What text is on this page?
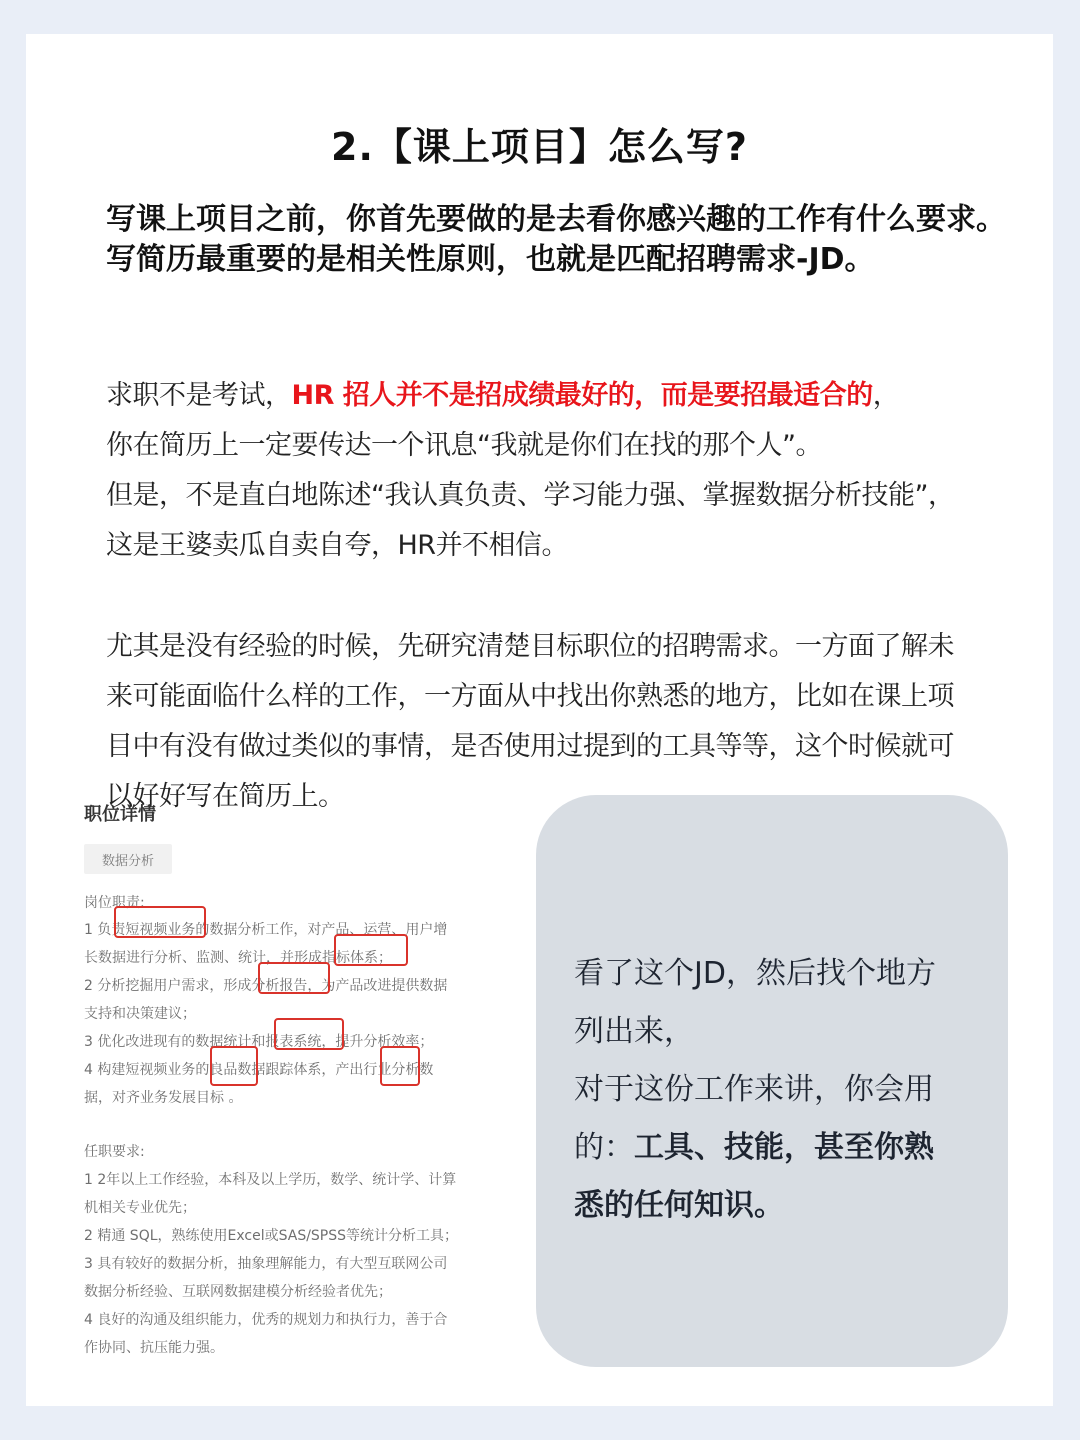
2.【课上项目】怎么写?

写课上项目之前，你首先要做的是去看你感兴趣的工作有什么要求。

写简历最重要的是相关性原则，也就是匹配招聘需求-JD。

求职不是考试，HR 招人并不是招成绩最好的，而是要招最适合的，

你在简历上一定要传达一个讯息“我就是你们在找的那个人”。

但是，不是直白地陈述“我认真负责、学习能力强、掌握数据分析技能”，

这是王婆卖瓜自卖自夸，HR并不相信。

尤其是没有经验的时候，先研究清楚目标职位的招聘需求。一方面了解未

来可能面临什么样的工作，一方面从中找出你熟悉的地方，比如在课上项

目中有没有做过类似的事情，是否使用过提到的工具等等，这个时候就可

以好好写在简历上。

职位详情

数据分析

岗位职责:

1 负责短视频业务的数据分析工作，对产品、运营、用户增

长数据进行分析、监测、统计，并形成指标体系；

2 分析挖掘用户需求，形成分析报告，为产品改进提供数据

支持和决策建议；

3 优化改进现有的数据统计和报表系统，提升分析效率；

4 构建短视频业务的良品数据跟踪体系，产出行业分析数

据，对齐业务发展目标 。

任职要求:

1 2年以上工作经验，本科及以上学历，数学、统计学、计算

机相关专业优先；

2 精通 SQL，熟练使用Excel或SAS/SPSS等统计分析工具；

3 具有较好的数据分析，抽象理解能力，有大型互联网公司

数据分析经验、互联网数据建模分析经验者优先；

4 良好的沟通及组织能力，优秀的规划力和执行力，善于合

作协同、抗压能力强。

看了这个JD，然后找个地方

列出来，

对于这份工作来讲，你会用

的：工具、技能，甚至你熟

悉的任何知识。
